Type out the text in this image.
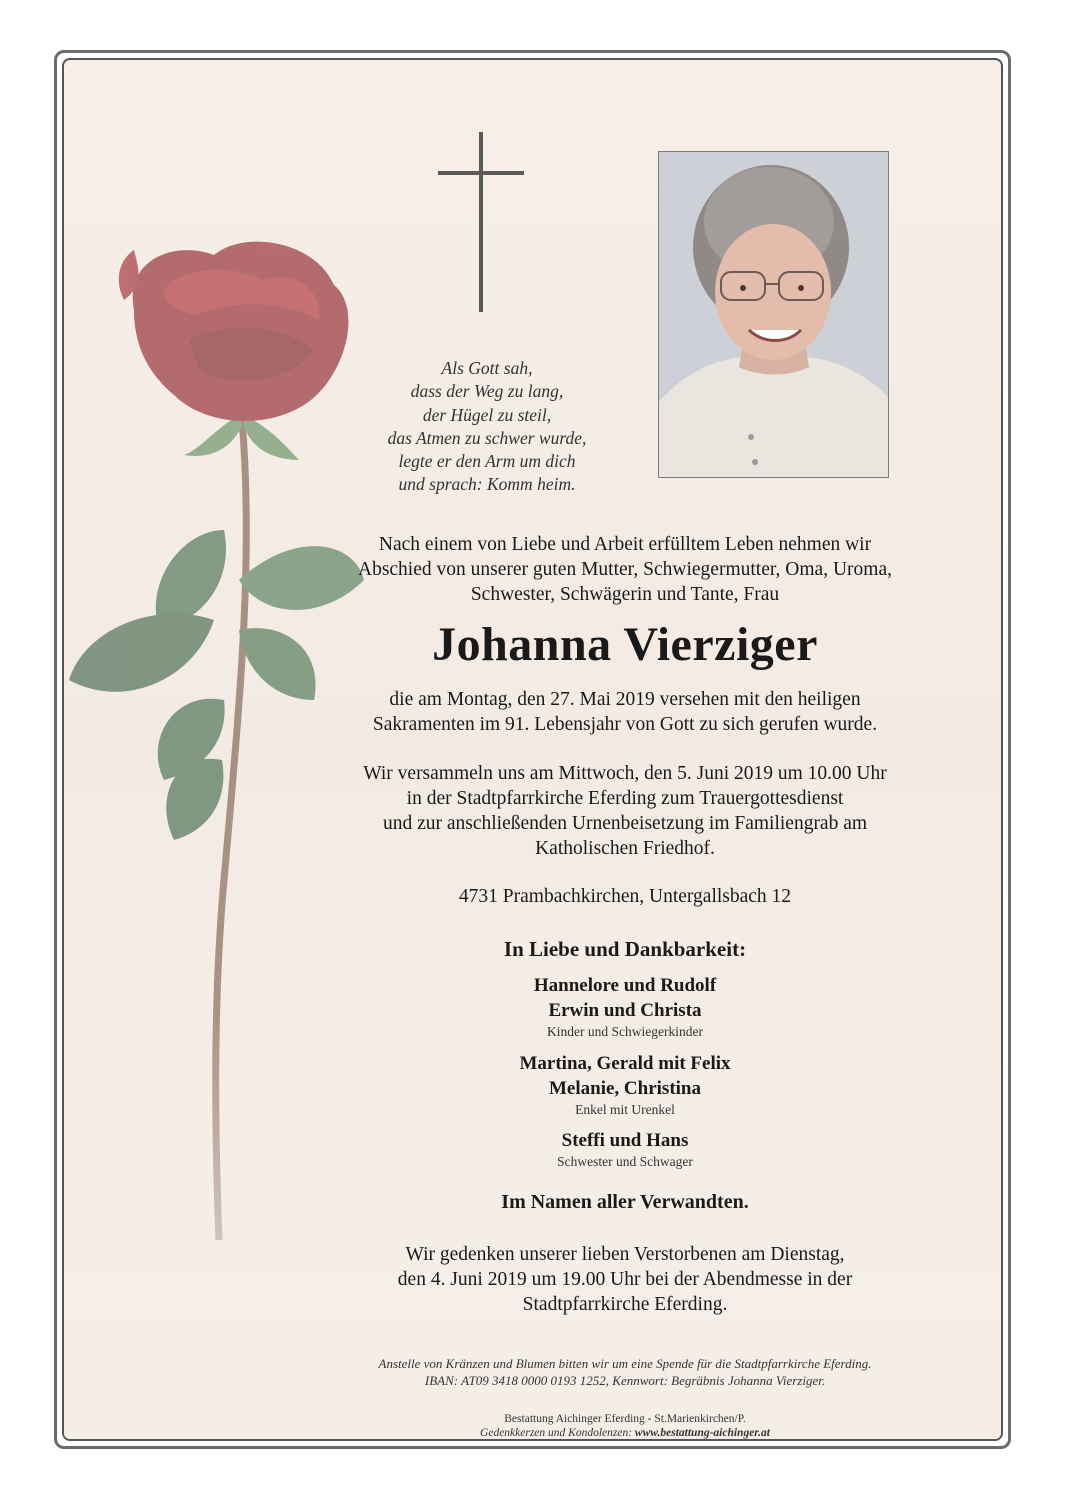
Als Gott sah,
dass der Weg zu lang,
der Hügel zu steil,
das Atmen zu schwer wurde,
legte er den Arm um dich
und sprach: Komm heim.
Nach einem von Liebe und Arbeit erfülltem Leben nehmen wir
Abschied von unserer guten Mutter, Schwiegermutter, Oma, Uroma,
Schwester, Schwägerin und Tante, Frau
Johanna Vierziger
die am Montag, den 27. Mai 2019 versehen mit den heiligen
Sakramenten im 91. Lebensjahr von Gott zu sich gerufen wurde.
Wir versammeln uns am Mittwoch, den 5. Juni 2019 um 10.00 Uhr
in der Stadtpfarrkirche Eferding zum Trauergottesdienst
und zur anschließenden Urnenbeisetzung im Familiengrab am
Katholischen Friedhof.
4731 Prambachkirchen, Untergallsbach 12
In Liebe und Dankbarkeit:
Hannelore und Rudolf
Erwin und Christa
Kinder und Schwiegerkinder
Martina, Gerald mit Felix
Melanie, Christina
Enkel mit Urenkel
Steffi und Hans
Schwester und Schwager
Im Namen aller Verwandten.
Wir gedenken unserer lieben Verstorbenen am Dienstag,
den 4. Juni 2019 um 19.00 Uhr bei der Abendmesse in der
Stadtpfarrkirche Eferding.
Anstelle von Kränzen und Blumen bitten wir um eine Spende für die Stadtpfarrkirche Eferding.
IBAN: AT09 3418 0000 0193 1252, Kennwort: Begräbnis Johanna Vierziger.
Bestattung Aichinger Eferding - St.Marienkirchen/P.
Gedenkkerzen und Kondolenzen: www.bestattung-aichinger.at
